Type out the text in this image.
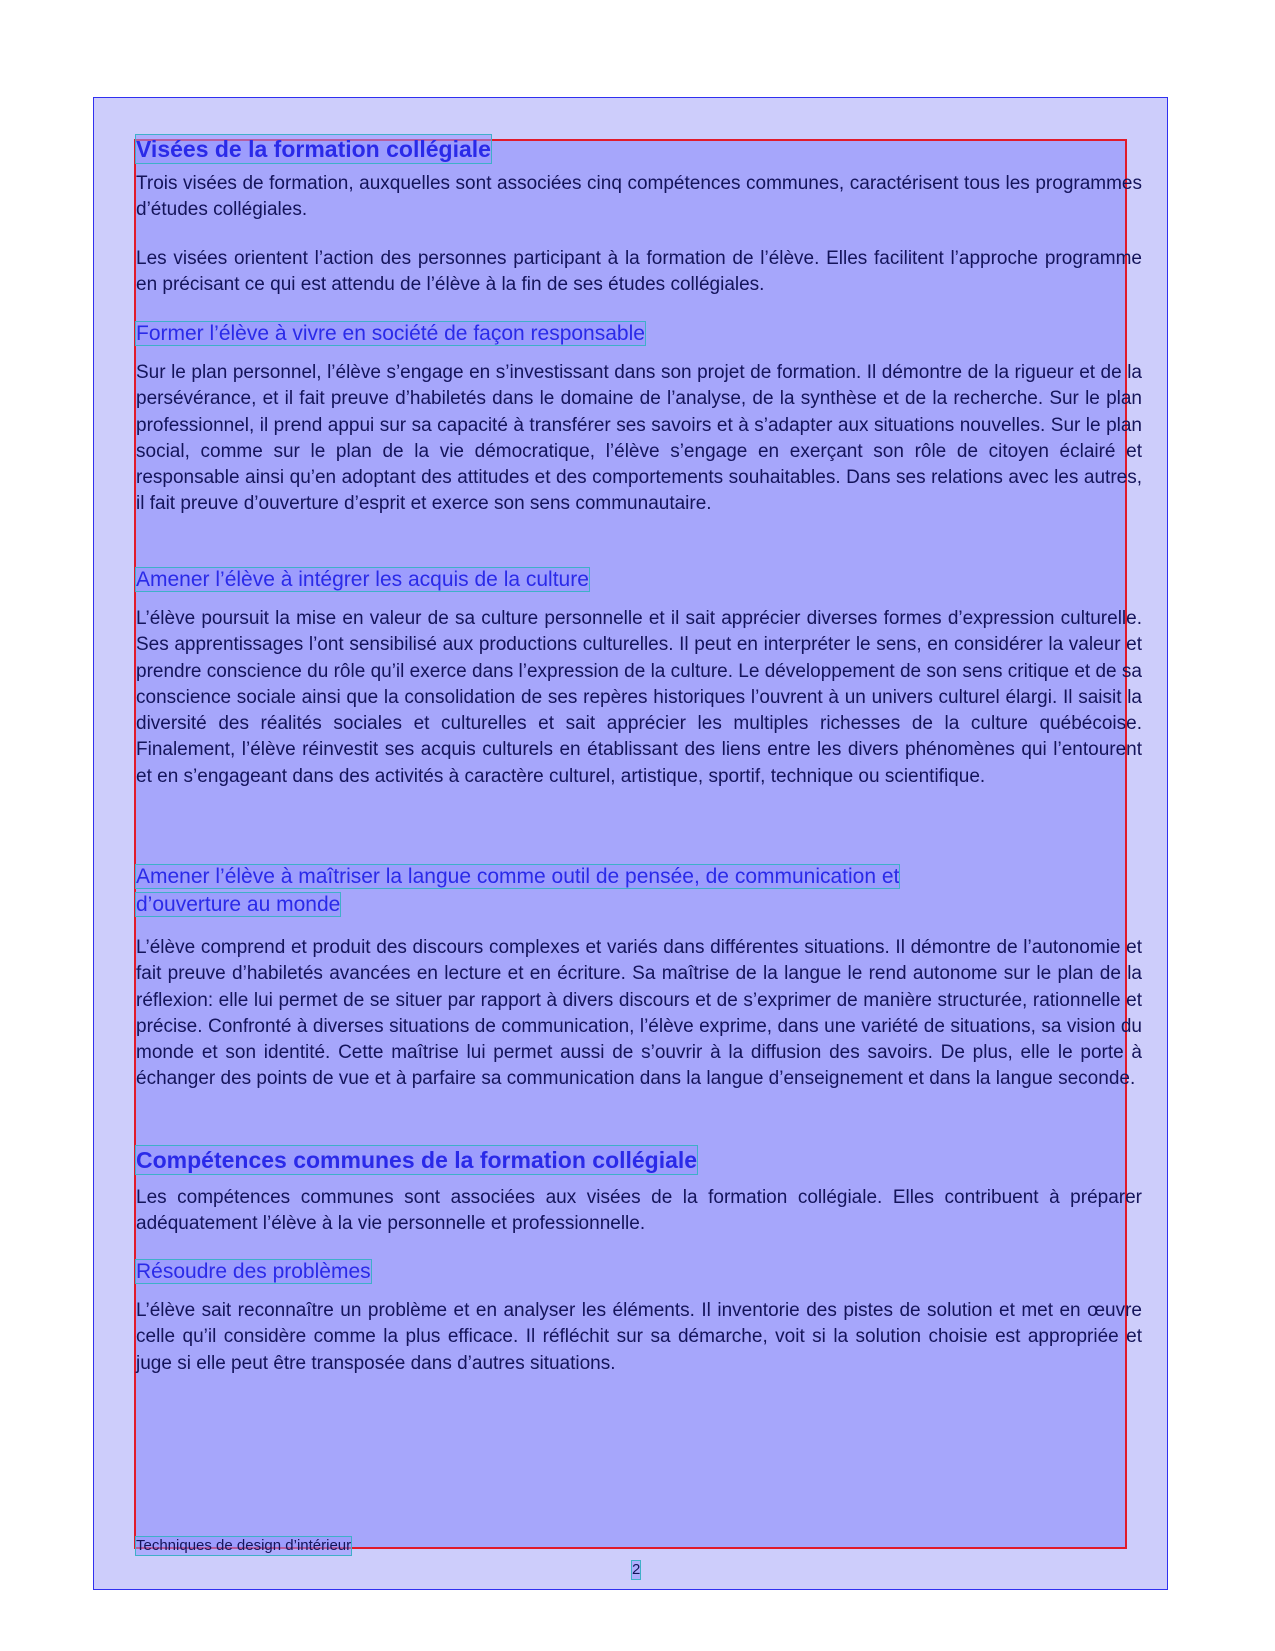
Visées de la formation collégiale

Trois visées de formation, auxquelles sont associées cinq compétences communes, caractérisent tous les programmes d’études collégiales.

Les visées orientent l’action des personnes participant à la formation de l’élève. Elles facilitent l’approche programme en précisant ce qui est attendu de l’élève à la fin de ses études collégiales.

Former l’élève à vivre en société de façon responsable

Sur le plan personnel, l’élève s’engage en s’investissant dans son projet de formation. Il démontre de la rigueur et de la persévérance, et il fait preuve d’habiletés dans le domaine de l’analyse, de la synthèse et de la recherche. Sur le plan professionnel, il prend appui sur sa capacité à transférer ses savoirs et à s’adapter aux situations nouvelles. Sur le plan social, comme sur le plan de la vie démocratique, l’élève s’engage en exerçant son rôle de citoyen éclairé et responsable ainsi qu’en adoptant des attitudes et des comportements souhaitables. Dans ses relations avec les autres, il fait preuve d’ouverture d’esprit et exerce son sens communautaire.

Amener l’élève à intégrer les acquis de la culture

L’élève poursuit la mise en valeur de sa culture personnelle et il sait apprécier diverses formes d’expression culturelle. Ses apprentissages l’ont sensibilisé aux productions culturelles. Il peut en interpréter le sens, en considérer la valeur et prendre conscience du rôle qu’il exerce dans l’expression de la culture. Le développement de son sens critique et de sa conscience sociale ainsi que la consolidation de ses repères historiques l’ouvrent à un univers culturel élargi. Il saisit la diversité des réalités sociales et culturelles et sait apprécier les multiples richesses de la culture québécoise. Finalement, l’élève réinvestit ses acquis culturels en établissant des liens entre les divers phénomènes qui l’entourent et en s’engageant dans des activités à caractère culturel, artistique, sportif, technique ou scientifique.

Amener l’élève à maîtriser la langue comme outil de pensée, de communication et
d’ouverture au monde

L’élève comprend et produit des discours complexes et variés dans différentes situations. Il démontre de l’autonomie et fait preuve d’habiletés avancées en lecture et en écriture. Sa maîtrise de la langue le rend autonome sur le plan de la réflexion: elle lui permet de se situer par rapport à divers discours et de s’exprimer de manière structurée, rationnelle et précise. Confronté à diverses situations de communication, l’élève exprime, dans une variété de situations, sa vision du monde et son identité. Cette maîtrise lui permet aussi de s’ouvrir à la diffusion des savoirs. De plus, elle le porte à échanger des points de vue et à parfaire sa communication dans la langue d’enseignement et dans la langue seconde.

Compétences communes de la formation collégiale

Les compétences communes sont associées aux visées de la formation collégiale. Elles contribuent à préparer adéquatement l’élève à la vie personnelle et professionnelle.

Résoudre des problèmes

L’élève sait reconnaître un problème et en analyser les éléments. Il inventorie des pistes de solution et met en œuvre celle qu’il considère comme la plus efficace. Il réfléchit sur sa démarche, voit si la solution choisie est appropriée et juge si elle peut être transposée dans d’autres situations.

Techniques de design d’intérieur
2
